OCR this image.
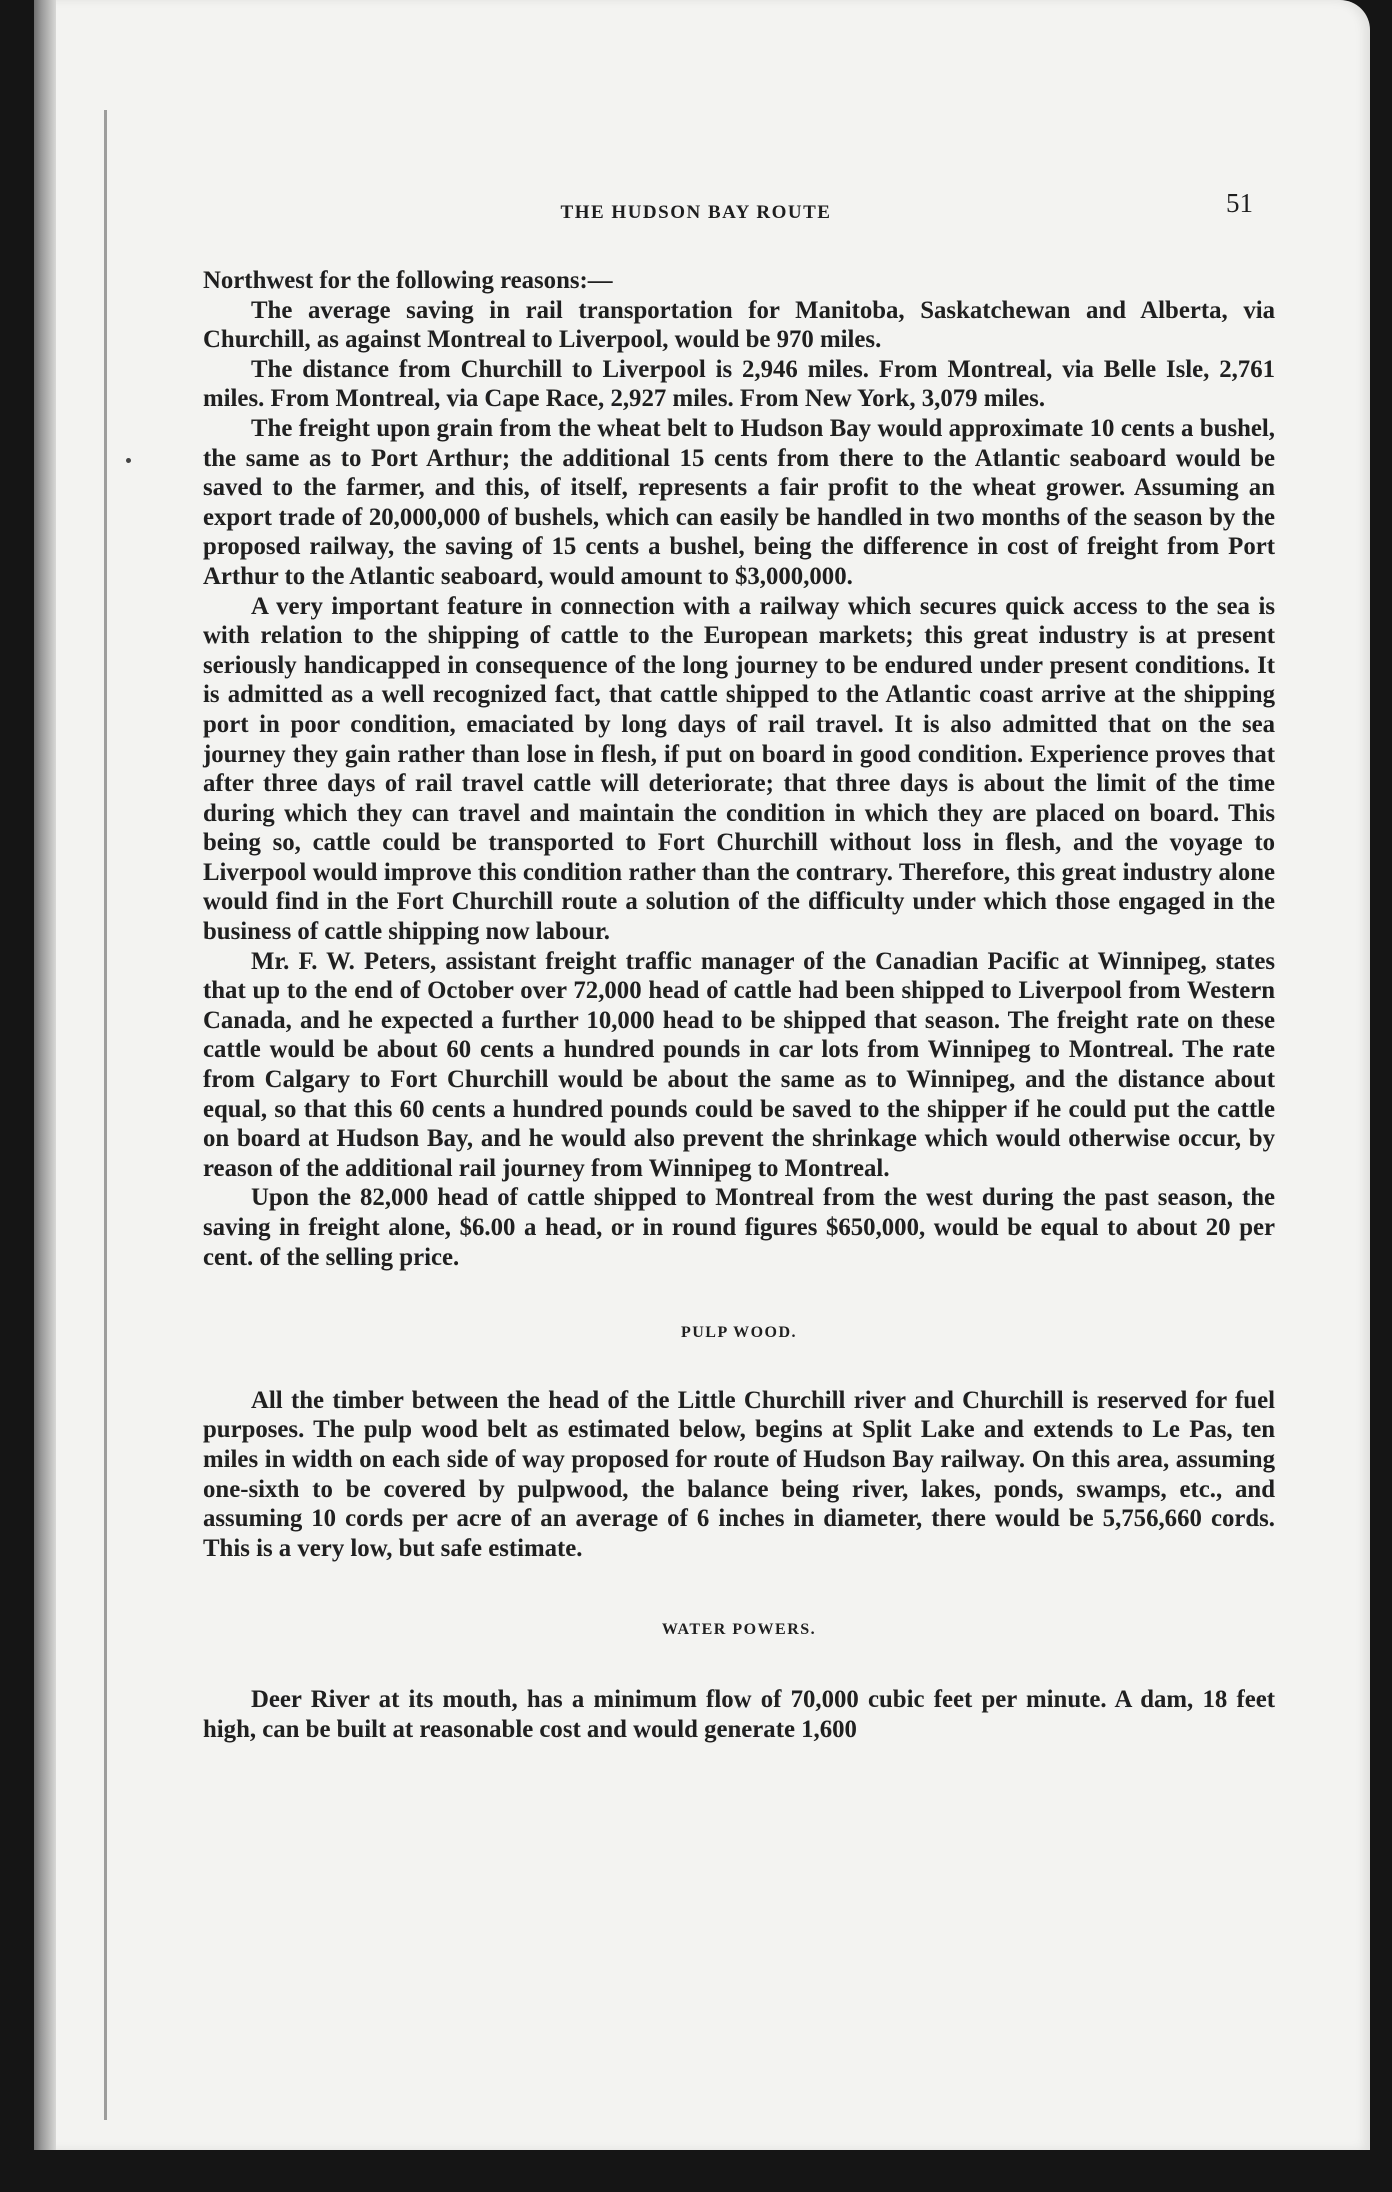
THE HUDSON BAY ROUTE	51

Northwest for the following reasons:—

The average saving in rail transportation for Manitoba, Saskatchewan and Alberta, via Churchill, as against Montreal to Liverpool, would be 970 miles.

The distance from Churchill to Liverpool is 2,946 miles. From Montreal, via Belle Isle, 2,761 miles. From Montreal, via Cape Race, 2,927 miles. From New York, 3,079 miles.

The freight upon grain from the wheat belt to Hudson Bay would approximate 10 cents a bushel, the same as to Port Arthur; the additional 15 cents from there to the Atlantic seaboard would be saved to the farmer, and this, of itself, represents a fair profit to the wheat grower. Assuming an export trade of 20,000,000 of bushels, which can easily be handled in two months of the season by the proposed railway, the saving of 15 cents a bushel, being the difference in cost of freight from Port Arthur to the Atlantic seaboard, would amount to $3,000,000.

A very important feature in connection with a railway which secures quick access to the sea is with relation to the shipping of cattle to the European markets; this great industry is at present seriously handicapped in consequence of the long journey to be endured under present conditions. It is admitted as a well recognized fact, that cattle shipped to the Atlantic coast arrive at the shipping port in poor condition, emaciated by long days of rail travel. It is also admitted that on the sea journey they gain rather than lose in flesh, if put on board in good condition. Experience proves that after three days of rail travel cattle will deteriorate; that three days is about the limit of the time during which they can travel and maintain the condition in which they are placed on board. This being so, cattle could be transported to Fort Churchill without loss in flesh, and the voyage to Liverpool would improve this condition rather than the contrary. Therefore, this great industry alone would find in the Fort Churchill route a solution of the difficulty under which those engaged in the business of cattle shipping now labour.

Mr. F. W. Peters, assistant freight traffic manager of the Canadian Pacific at Winnipeg, states that up to the end of October over 72,000 head of cattle had been shipped to Liverpool from Western Canada, and he expected a further 10,000 head to be shipped that season. The freight rate on these cattle would be about 60 cents a hundred pounds in car lots from Winnipeg to Montreal. The rate from Calgary to Fort Churchill would be about the same as to Winnipeg, and the distance about equal, so that this 60 cents a hundred pounds could be saved to the shipper if he could put the cattle on board at Hudson Bay, and he would also prevent the shrinkage which would otherwise occur, by reason of the additional rail journey from Winnipeg to Montreal.

Upon the 82,000 head of cattle shipped to Montreal from the west during the past season, the saving in freight alone, $6.00 a head, or in round figures $650,000, would be equal to about 20 per cent. of the selling price.

PULP WOOD.

All the timber between the head of the Little Churchill river and Churchill is reserved for fuel purposes. The pulp wood belt as estimated below, begins at Split Lake and extends to Le Pas, ten miles in width on each side of way proposed for route of Hudson Bay railway. On this area, assuming one-sixth to be covered by pulpwood, the balance being river, lakes, ponds, swamps, etc., and assuming 10 cords per acre of an average of 6 inches in diameter, there would be 5,756,660 cords. This is a very low, but safe estimate.

WATER POWERS.

Deer River at its mouth, has a minimum flow of 70,000 cubic feet per minute. A dam, 18 feet high, can be built at reasonable cost and would generate 1,600
